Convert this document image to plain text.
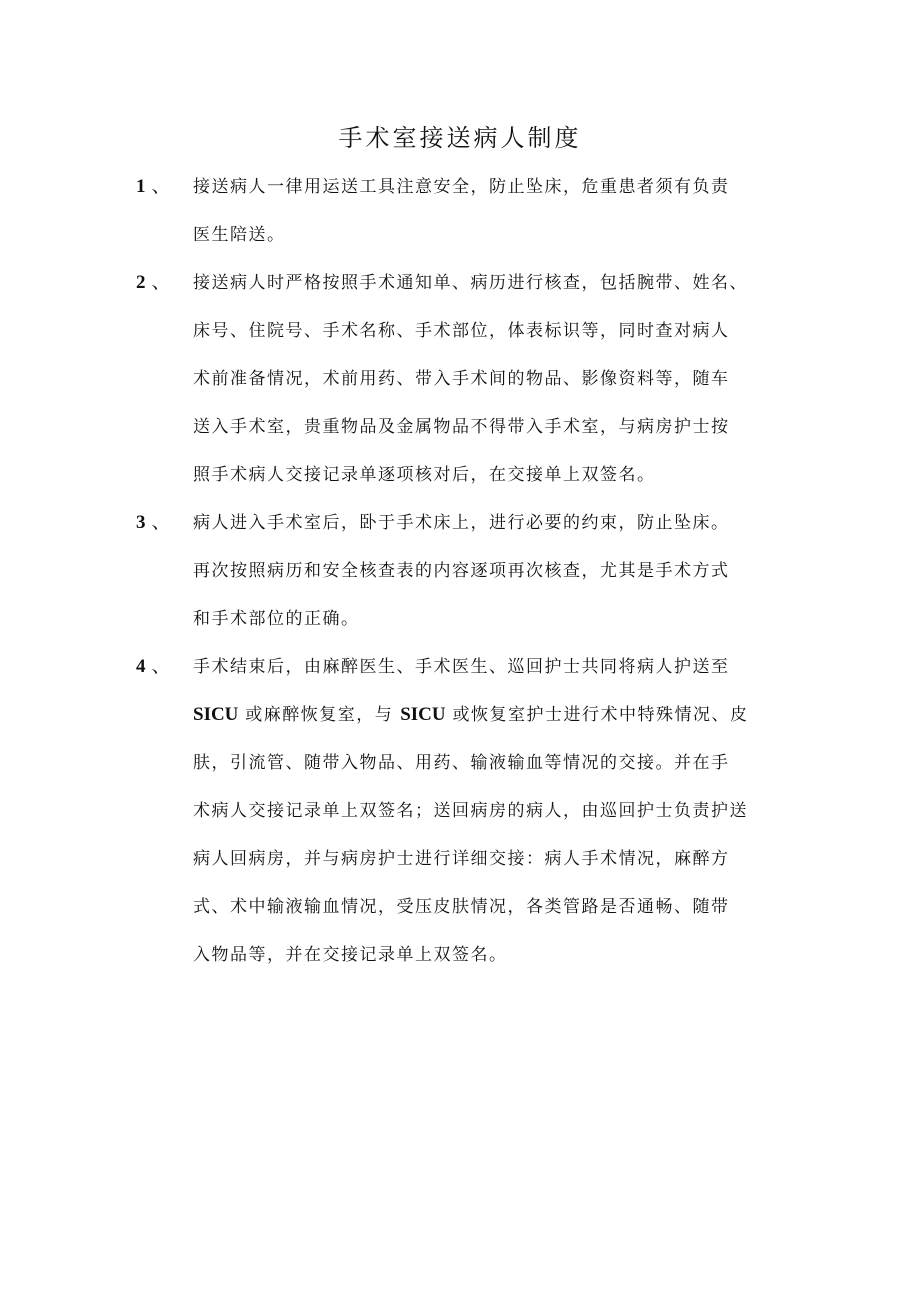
手术室接送病人制度
1 、 接送病人一律用运送工具注意安全，防止坠床，危重患者须有负责
医生陪送。
2 、 接送病人时严格按照手术通知单、病历进行核查，包括腕带、姓名、
床号、住院号、手术名称、手术部位，体表标识等，同时查对病人
术前准备情况，术前用药、带入手术间的物品、影像资料等，随车
送入手术室，贵重物品及金属物品不得带入手术室，与病房护士按
照手术病人交接记录单逐项核对后，在交接单上双签名。
3 、 病人进入手术室后，卧于手术床上，进行必要的约束，防止坠床。
再次按照病历和安全核查表的内容逐项再次核查，尤其是手术方式
和手术部位的正确。
4 、 手术结束后，由麻醉医生、手术医生、巡回护士共同将病人护送至
SICU 或麻醉恢复室，与 SICU 或恢复室护士进行术中特殊情况、皮
肤，引流管、随带入物品、用药、输液输血等情况的交接。并在手
术病人交接记录单上双签名；送回病房的病人，由巡回护士负责护送
病人回病房，并与病房护士进行详细交接：病人手术情况，麻醉方
式、术中输液输血情况，受压皮肤情况，各类管路是否通畅、随带
入物品等，并在交接记录单上双签名。
